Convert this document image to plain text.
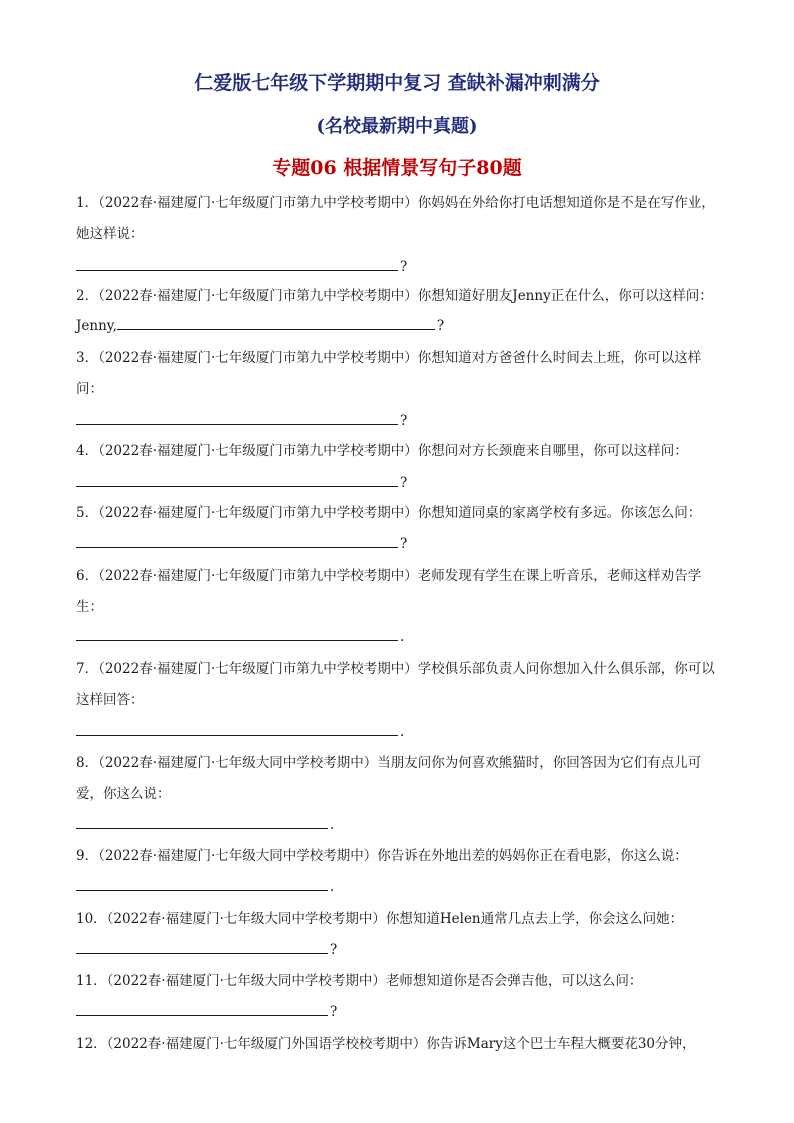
仁爱版七年级下学期期中复习 查缺补漏冲刺满分
(名校最新期中真题)
专题06 根据情景写句子80题
1．（2022春·福建厦门·七年级厦门市第九中学校考期中）你妈妈在外给你打电话想知道你是不是在写作业，她这样说：
?
2．（2022春·福建厦门·七年级厦门市第九中学校考期中）你想知道好朋友Jenny正在什么，你可以这样问：
Jenny,	?
3．（2022春·福建厦门·七年级厦门市第九中学校考期中）你想知道对方爸爸什么时间去上班，你可以这样问：
?
4．（2022春·福建厦门·七年级厦门市第九中学校考期中）你想问对方长颈鹿来自哪里，你可以这样问：
?
5．（2022春·福建厦门·七年级厦门市第九中学校考期中）你想知道同桌的家离学校有多远。你该怎么问：
?
6．（2022春·福建厦门·七年级厦门市第九中学校考期中）老师发现有学生在课上听音乐，老师这样劝告学生：
.
7．（2022春·福建厦门·七年级厦门市第九中学校考期中）学校俱乐部负责人问你想加入什么俱乐部，你可以这样回答：
.
8．（2022春·福建厦门·七年级大同中学校考期中）当朋友问你为何喜欢熊猫时，你回答因为它们有点儿可爱，你这么说：
.
9．（2022春·福建厦门·七年级大同中学校考期中）你告诉在外地出差的妈妈你正在看电影，你这么说：
.
10．（2022春·福建厦门·七年级大同中学校考期中）你想知道Helen通常几点去上学，你会这么问她：
?
11．（2022春·福建厦门·七年级大同中学校考期中）老师想知道你是否会弹吉他，可以这么问：
?
12．（2022春·福建厦门·七年级厦门外国语学校校考期中）你告诉Mary这个巴士车程大概要花30分钟，
